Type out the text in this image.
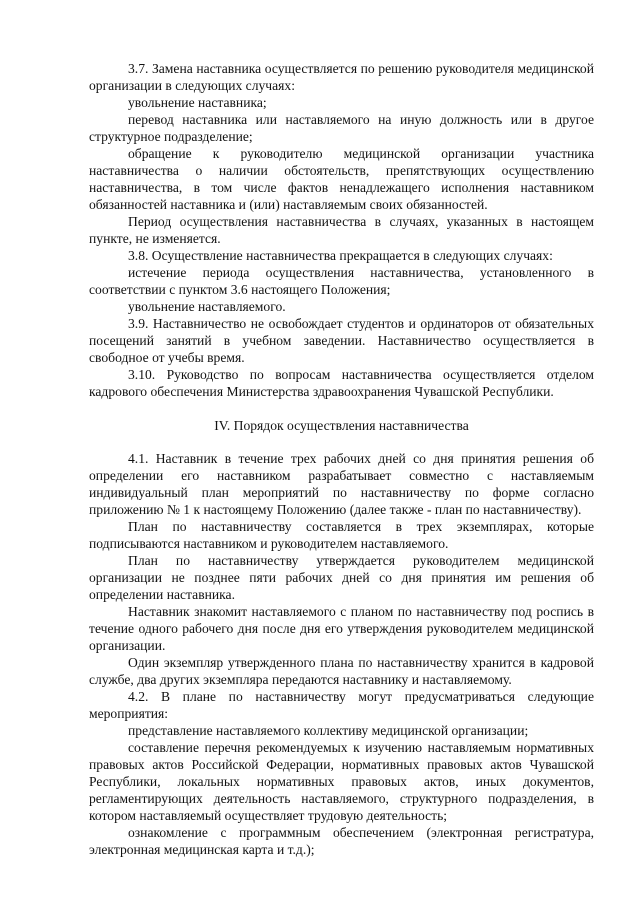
3.7. Замена наставника осуществляется по решению руководителя медицинской организации в следующих случаях:

увольнение наставника;

перевод наставника или наставляемого на иную должность или в другое структурное подразделение;

обращение к руководителю медицинской организации участника наставничества о наличии обстоятельств, препятствующих осуществлению наставничества, в том числе фактов ненадлежащего исполнения наставником обязанностей наставника и (или) наставляемым своих обязанностей.

Период осуществления наставничества в случаях, указанных в настоящем пункте, не изменяется.

3.8. Осуществление наставничества прекращается в следующих случаях:

истечение периода осуществления наставничества, установленного в соответствии с пунктом 3.6 настоящего Положения;

увольнение наставляемого.

3.9. Наставничество не освобождает студентов и ординаторов от обязательных посещений занятий в учебном заведении. Наставничество осуществляется в свободное от учебы время.

3.10. Руководство по вопросам наставничества осуществляется отделом кадрового обеспечения Министерства здравоохранения Чувашской Республики.

IV. Порядок осуществления наставничества

4.1. Наставник в течение трех рабочих дней со дня принятия решения об определении его наставником разрабатывает совместно с наставляемым индивидуальный план мероприятий по наставничеству по форме согласно приложению № 1 к настоящему Положению (далее также - план по наставничеству).

План по наставничеству составляется в трех экземплярах, которые подписываются наставником и руководителем наставляемого.

План по наставничеству утверждается руководителем медицинской организации не позднее пяти рабочих дней со дня принятия им решения об определении наставника.

Наставник знакомит наставляемого с планом по наставничеству под роспись в течение одного рабочего дня после дня его утверждения руководителем медицинской организации.

Один экземпляр утвержденного плана по наставничеству хранится в кадровой службе, два других экземпляра передаются наставнику и наставляемому.

4.2. В плане по наставничеству могут предусматриваться следующие мероприятия:

представление наставляемого коллективу медицинской организации;

составление перечня рекомендуемых к изучению наставляемым нормативных правовых актов Российской Федерации, нормативных правовых актов Чувашской Республики, локальных нормативных правовых актов, иных документов, регламентирующих деятельность наставляемого, структурного подразделения, в котором наставляемый осуществляет трудовую деятельность;

ознакомление с программным обеспечением (электронная регистратура, электронная медицинская карта и т.д.);
